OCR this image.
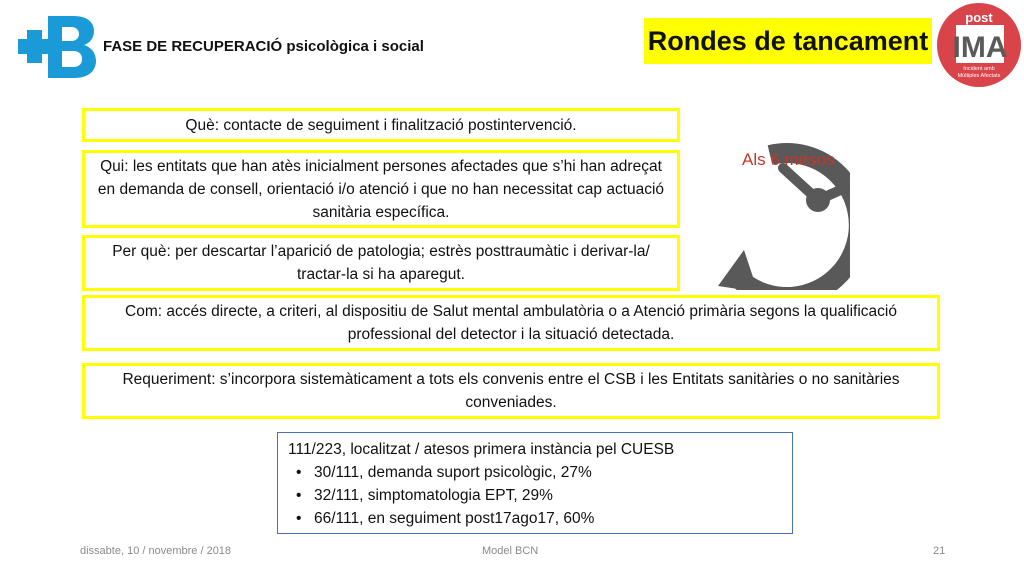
FASE DE RECUPERACIÓ psicològica i social	Rondes de tancament
post
IMA
Incident amb
Múltiples Afectats
Què: contacte de seguiment i finalització postintervenció.
Qui: les entitats que han atès inicialment persones afectades que s’hi han adreçat en demanda de consell, orientació i/o atenció i que no han necessitat cap actuació sanitària específica.
Per què: per descartar l’aparició de patologia; estrès posttraumàtic i derivar-la/ tractar-la si ha aparegut.
Com: accés directe, a criteri, al dispositiu de Salut mental ambulatòria o a Atenció primària segons la qualificació professional del detector i la situació detectada.
Requeriment: s’incorpora sistemàticament a tots els convenis entre el CSB i les Entitats sanitàries o no sanitàries conveniades.
Als 6 mesos
111/223, localitzat / atesos primera instància pel CUESB
• 30/111, demanda suport psicològic, 27%
• 32/111, simptomatologia EPT, 29%
• 66/111, en seguiment post17ago17, 60%
dissabte, 10 / novembre / 2018	Model BCN	21
